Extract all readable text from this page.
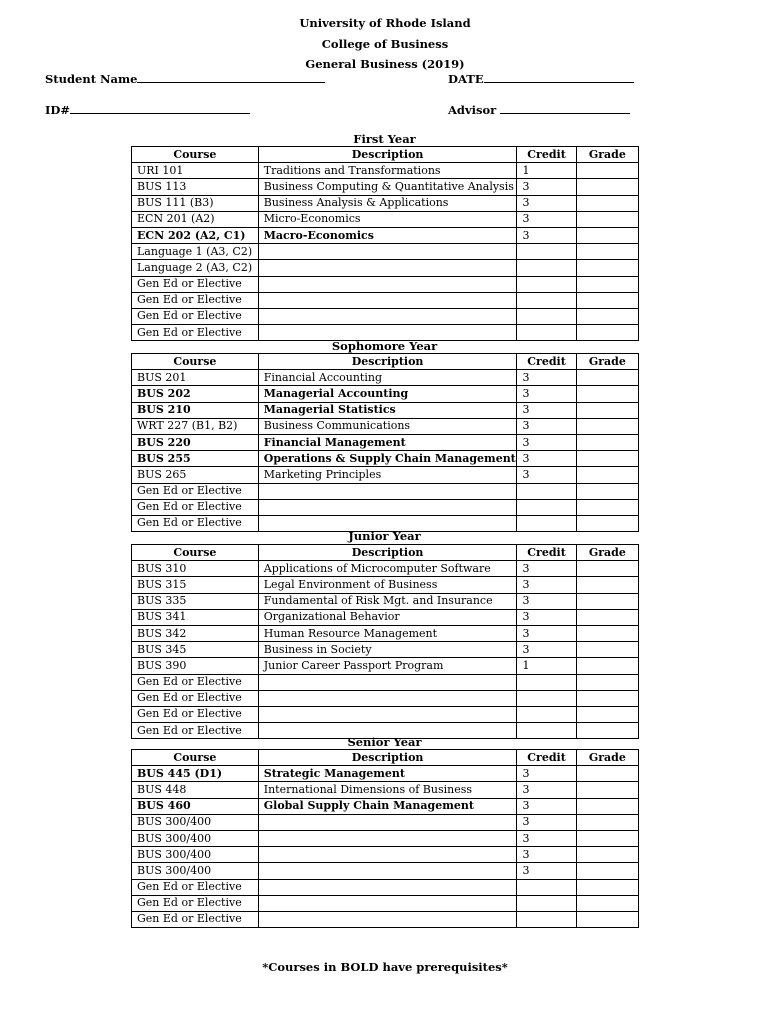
University of Rhode Island
College of Business
General Business (2019)
Student Name	DATE
ID#	Advisor
First Year
Course	Description	Credit	Grade
URI 101	Traditions and Transformations	1	
BUS 113	Business Computing & Quantitative Analysis	3	
BUS 111 (B3)	Business Analysis & Applications	3	
ECN 201 (A2)	Micro-Economics	3	
ECN 202 (A2, C1)	Macro-Economics	3	
Language 1 (A3, C2)			
Language 2 (A3, C2)			
Gen Ed or Elective			
Gen Ed or Elective			
Gen Ed or Elective			
Gen Ed or Elective			
Sophomore Year
Course	Description	Credit	Grade
BUS 201	Financial Accounting	3	
BUS 202	Managerial Accounting	3	
BUS 210	Managerial Statistics	3	
WRT 227 (B1, B2)	Business Communications	3	
BUS 220	Financial Management	3	
BUS 255	Operations & Supply Chain Management	3	
BUS 265	Marketing Principles	3	
Gen Ed or Elective			
Gen Ed or Elective			
Gen Ed or Elective			
Junior Year
Course	Description	Credit	Grade
BUS 310	Applications of Microcomputer Software	3	
BUS 315	Legal Environment of Business	3	
BUS 335	Fundamental of Risk Mgt. and Insurance	3	
BUS 341	Organizational Behavior	3	
BUS 342	Human Resource Management	3	
BUS 345	Business in Society	3	
BUS 390	Junior Career Passport Program	1	
Gen Ed or Elective			
Gen Ed or Elective			
Gen Ed or Elective			
Gen Ed or Elective			
Senior Year
Course	Description	Credit	Grade
BUS 445 (D1)	Strategic Management	3	
BUS 448	International Dimensions of Business	3	
BUS 460	Global Supply Chain Management	3	
BUS 300/400		3	
BUS 300/400		3	
BUS 300/400		3	
BUS 300/400		3	
Gen Ed or Elective			
Gen Ed or Elective			
Gen Ed or Elective			
*Courses in BOLD have prerequisites*
